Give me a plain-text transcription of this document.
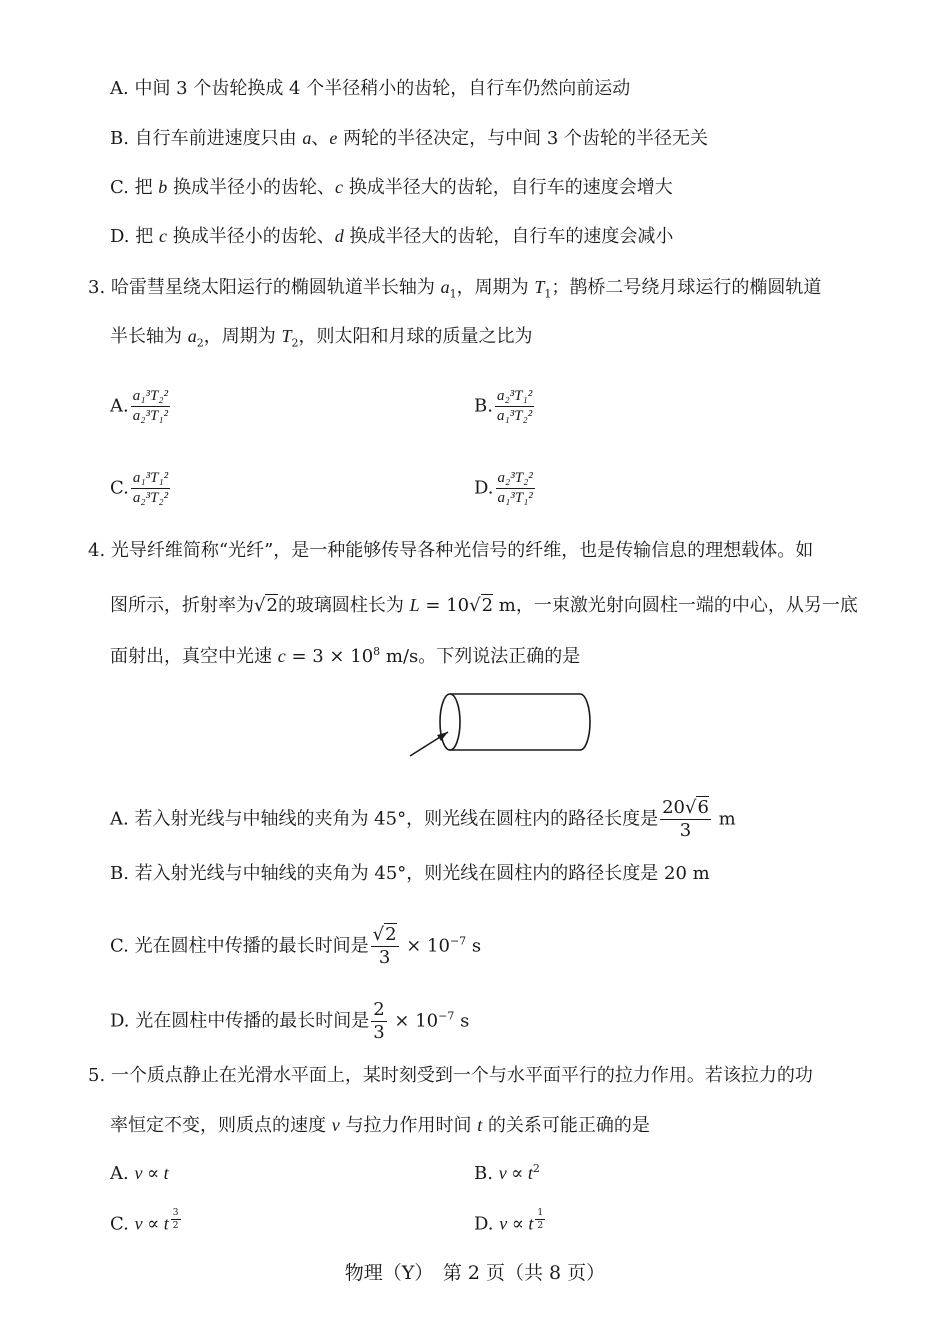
A. 中间 3 个齿轮换成 4 个半径稍小的齿轮，自行车仍然向前运动
B. 自行车前进速度只由 a、e 两轮的半径决定，与中间 3 个齿轮的半径无关
C. 把 b 换成半径小的齿轮、c 换成半径大的齿轮，自行车的速度会增大
D. 把 c 换成半径小的齿轮、d 换成半径大的齿轮，自行车的速度会减小
3. 哈雷彗星绕太阳运行的椭圆轨道半长轴为 $a_1$，周期为 $T_1$；鹊桥二号绕月球运行的椭圆轨道
半长轴为 $a_2$，周期为 $T_2$，则太阳和月球的质量之比为
A. $\frac{\text{a₁³T₂²}}{\text{a₂³T₁²}}$	B. $\frac{\text{a₂³T₁²}}{\text{a₁³T₂²}}$
C. $\frac{\text{a₁³T₁²}}{\text{a₂³T₂²}}$	D. $\frac{\text{a₂³T₂²}}{\text{a₁³T₁²}}$
4. 光导纤维简称“光纤”，是一种能够传导各种光信号的纤维，也是传输信息的理想载体。如
图所示，折射率为√2的玻璃圆柱长为 L = 10√2 m，一束激光射向圆柱一端的中心，从另一底
面射出，真空中光速 $c = 3 \times 10^8$ m/s。下列说法正确的是
A. 若入射光线与中轴线的夹角为 45°，则光线在圆柱内的路径长度是 $\frac{20√6}{3}$ m
B. 若入射光线与中轴线的夹角为 45°，则光线在圆柱内的路径长度是 20 m
C. 光在圆柱中传播的最长时间是 $\frac{√2}{3} \times 10^{-7}$ s
D. 光在圆柱中传播的最长时间是 $\frac{2}{3} \times 10^{-7}$ s
5. 一个质点静止在光滑水平面上，某时刻受到一个与水平面平行的拉力作用。若该拉力的功
率恒定不变，则质点的速度 v 与拉力作用时间 t 的关系可能正确的是
A. v ∝ t	B. $v \propto t^2$
C. v ∝ t $^{\frac{3}{2}}$	D. v ∝ t $^{\frac{1}{2}}$
物理（Y）　第 2 页（共 8 页）
